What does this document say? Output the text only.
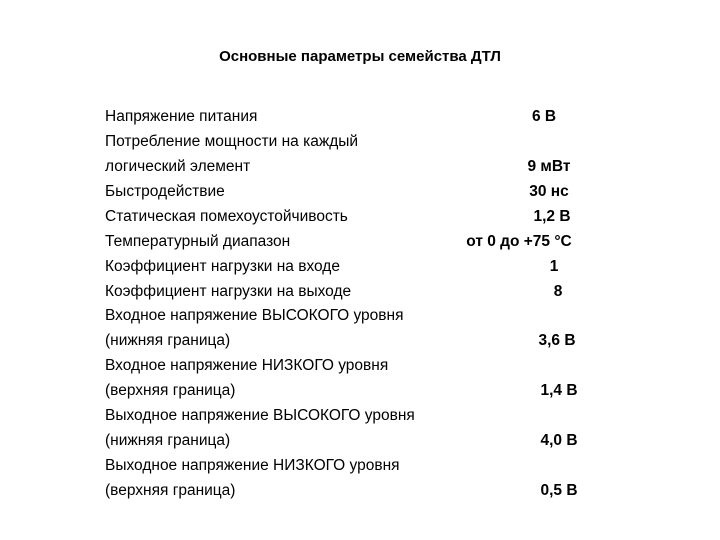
Основные параметры семейства ДТЛ
Напряжение питания	6 В
Потребление мощности на каждый
логический элемент	9 мВт
Быстродействие	30 нс
Статическая помехоустойчивость	1,2 В
Температурный диапазон	от 0 до +75 °С
Коэффициент нагрузки на входе	1
Коэффициент нагрузки на выходе	8
Входное напряжение ВЫСОКОГО уровня
(нижняя граница)	3,6 В
Входное напряжение НИЗКОГО уровня
(верхняя граница)	1,4 В
Выходное напряжение ВЫСОКОГО уровня
(нижняя граница)	4,0 В
Выходное напряжение НИЗКОГО уровня
(верхняя граница)	0,5 В
